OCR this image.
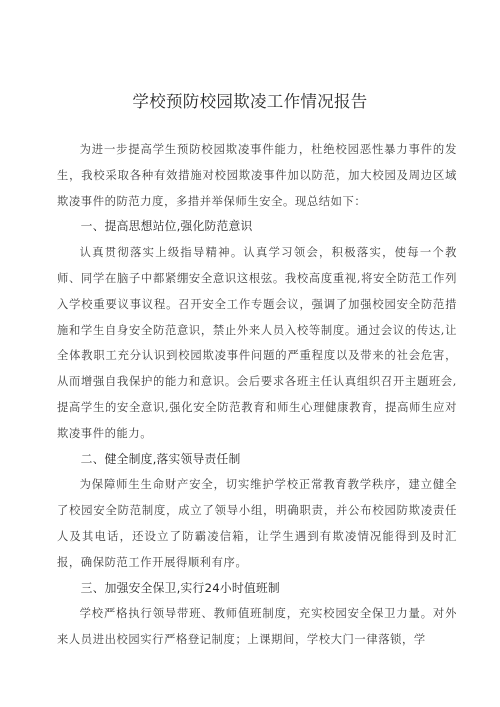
学校预防校园欺凌工作情况报告

为进一步提高学生预防校园欺凌事件能力，杜绝校园恶性暴力事件的发生，我校采取各种有效措施对校园欺凌事件加以防范，加大校园及周边区域欺凌事件的防范力度，多措并举保师生安全。现总结如下：

一、提高思想站位,强化防范意识

认真贯彻落实上级指导精神。认真学习领会，积极落实，使每一个教师、同学在脑子中都紧绷安全意识这根弦。我校高度重视,将安全防范工作列入学校重要议事议程。召开安全工作专题会议，强调了加强校园安全防范措施和学生自身安全防范意识，禁止外来人员入校等制度。通过会议的传达,让全体教职工充分认识到校园欺凌事件问题的严重程度以及带来的社会危害，从而增强自我保护的能力和意识。会后要求各班主任认真组织召开主题班会,提高学生的安全意识,强化安全防范教育和师生心理健康教育，提高师生应对欺凌事件的能力。

二、健全制度,落实领导责任制

为保障师生生命财产安全，切实维护学校正常教育教学秩序，建立健全了校园安全防范制度，成立了领导小组，明确职责，并公布校园防欺凌责任人及其电话，还设立了防霸凌信箱，让学生遇到有欺凌情况能得到及时汇报，确保防范工作开展得顺利有序。

三、加强安全保卫,实行24小时值班制

学校严格执行领导带班、教师值班制度，充实校园安全保卫力量。对外来人员进出校园实行严格登记制度；上课期间，学校大门一律落锁，学
